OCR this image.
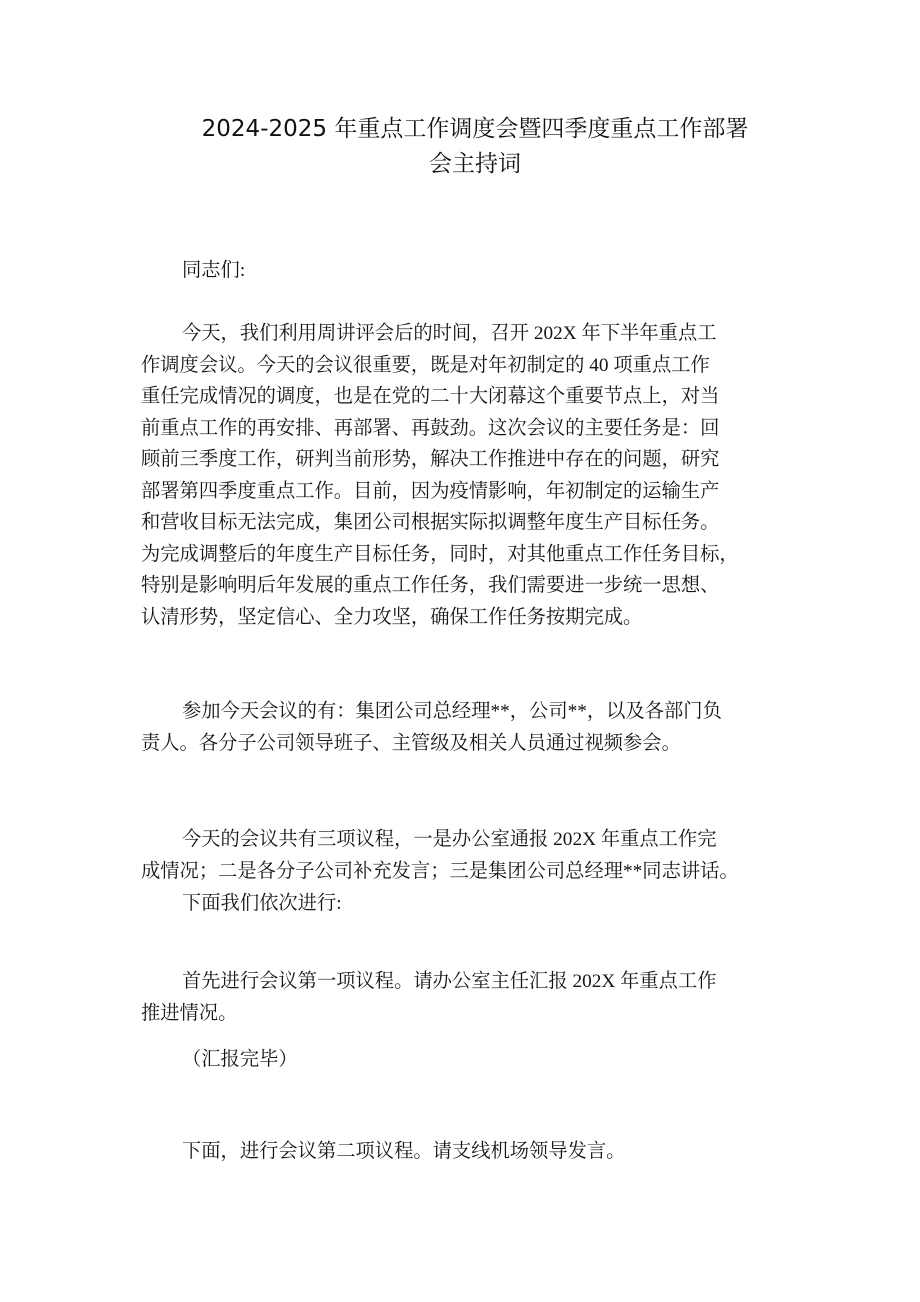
2024-2025 年重点工作调度会暨四季度重点工作部署
会主持词

同志们:

今天，我们利用周讲评会后的时间，召开 202X 年下半年重点工
作调度会议。今天的会议很重要，既是对年初制定的 40 项重点工作
重任完成情况的调度，也是在党的二十大闭幕这个重要节点上，对当
前重点工作的再安排、再部署、再鼓劲。这次会议的主要任务是：回
顾前三季度工作，研判当前形势，解决工作推进中存在的问题，研究
部署第四季度重点工作。目前，因为疫情影响，年初制定的运输生产
和营收目标无法完成，集团公司根据实际拟调整年度生产目标任务。
为完成调整后的年度生产目标任务，同时，对其他重点工作任务目标，
特别是影响明后年发展的重点工作任务，我们需要进一步统一思想、
认清形势，坚定信心、全力攻坚，确保工作任务按期完成。

参加今天会议的有：集团公司总经理**，公司**，以及各部门负
责人。各分子公司领导班子、主管级及相关人员通过视频参会。

今天的会议共有三项议程，一是办公室通报 202X 年重点工作完
成情况；二是各分子公司补充发言；三是集团公司总经理**同志讲话。

下面我们依次进行:

首先进行会议第一项议程。请办公室主任汇报 202X 年重点工作
推进情况。

（汇报完毕）

下面，进行会议第二项议程。请支线机场领导发言。
